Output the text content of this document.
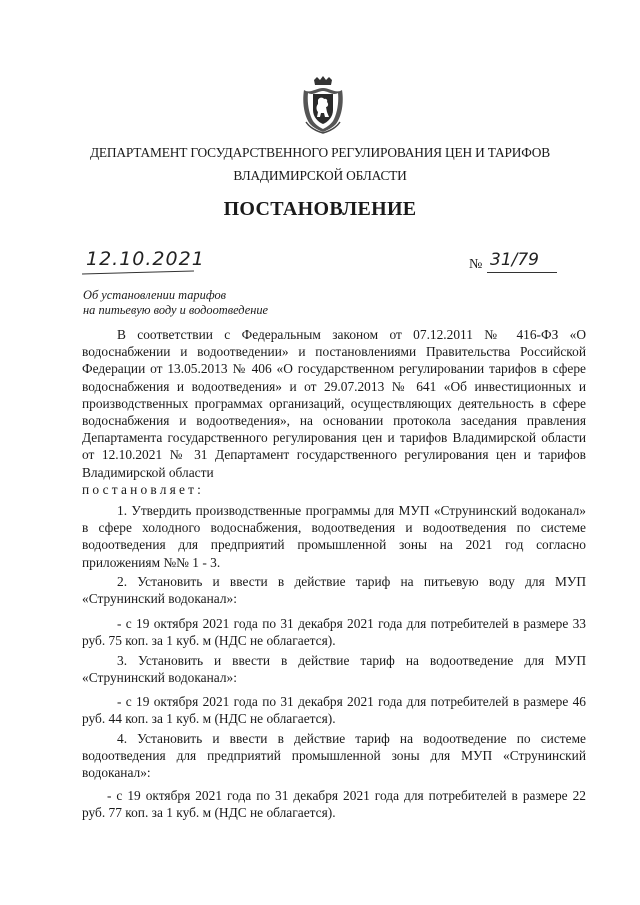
ДЕПАРТАМЕНТ ГОСУДАРСТВЕННОГО РЕГУЛИРОВАНИЯ ЦЕН И ТАРИФОВ
ВЛАДИМИРСКОЙ ОБЛАСТИ
ПОСТАНОВЛЕНИЕ
12.10.2021	№ 31/79
Об установлении тарифов
на питьевую воду и водоотведение
В соответствии с Федеральным законом от 07.12.2011 № 416-ФЗ «О водоснабжении и водоотведении» и постановлениями Правительства Российской Федерации от 13.05.2013 № 406 «О государственном регулировании тарифов в сфере водоснабжения и водоотведения» и от 29.07.2013 № 641 «Об инвестиционных и производственных программах организаций, осуществляющих деятельность в сфере водоснабжения и водоотведения», на основании протокола заседания правления Департамента государственного регулирования цен и тарифов Владимирской области от 12.10.2021 № 31 Департамент государственного регулирования цен и тарифов Владимирской области
постановляет:
1. Утвердить производственные программы для МУП «Струнинский водоканал» в сфере холодного водоснабжения, водоотведения и водоотведения по системе водоотведения для предприятий промышленной зоны на 2021 год согласно приложениям №№ 1 - 3.
2. Установить и ввести в действие тариф на питьевую воду для МУП «Струнинский водоканал»:
- с 19 октября 2021 года по 31 декабря 2021 года для потребителей в размере 33 руб. 75 коп. за 1 куб. м (НДС не облагается).
3. Установить и ввести в действие тариф на водоотведение для МУП «Струнинский водоканал»:
- с 19 октября 2021 года по 31 декабря 2021 года для потребителей в размере 46 руб. 44 коп. за 1 куб. м (НДС не облагается).
4. Установить и ввести в действие тариф на водоотведение по системе водоотведения для предприятий промышленной зоны для МУП «Струнинский водоканал»:
- с 19 октября 2021 года по 31 декабря 2021 года для потребителей в размере 22 руб. 77 коп. за 1 куб. м (НДС не облагается).
